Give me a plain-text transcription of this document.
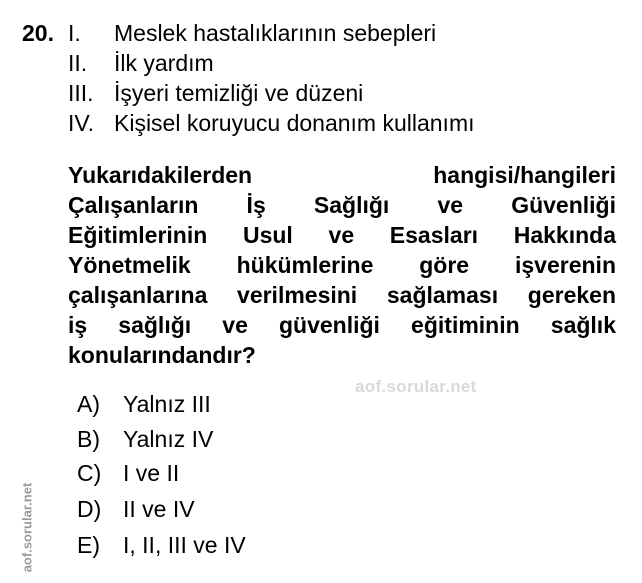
20. I. Meslek hastalıklarının sebepleri
II. İlk yardım
III. İşyeri temizliği ve düzeni
IV. Kişisel koruyucu donanım kullanımı
Yukarıdakilerden hangisi/hangileri
Çalışanların İş Sağlığı ve Güvenliği
Eğitimlerinin Usul ve Esasları Hakkında
Yönetmelik hükümlerine göre işverenin
çalışanlarına verilmesini sağlaması gereken
iş sağlığı ve güvenliği eğitiminin sağlık
konularındandır?
aof.sorular.net
aof.sorular.net
A) Yalnız III
B) Yalnız IV
C) I ve II
D) II ve IV
E) I, II, III ve IV
